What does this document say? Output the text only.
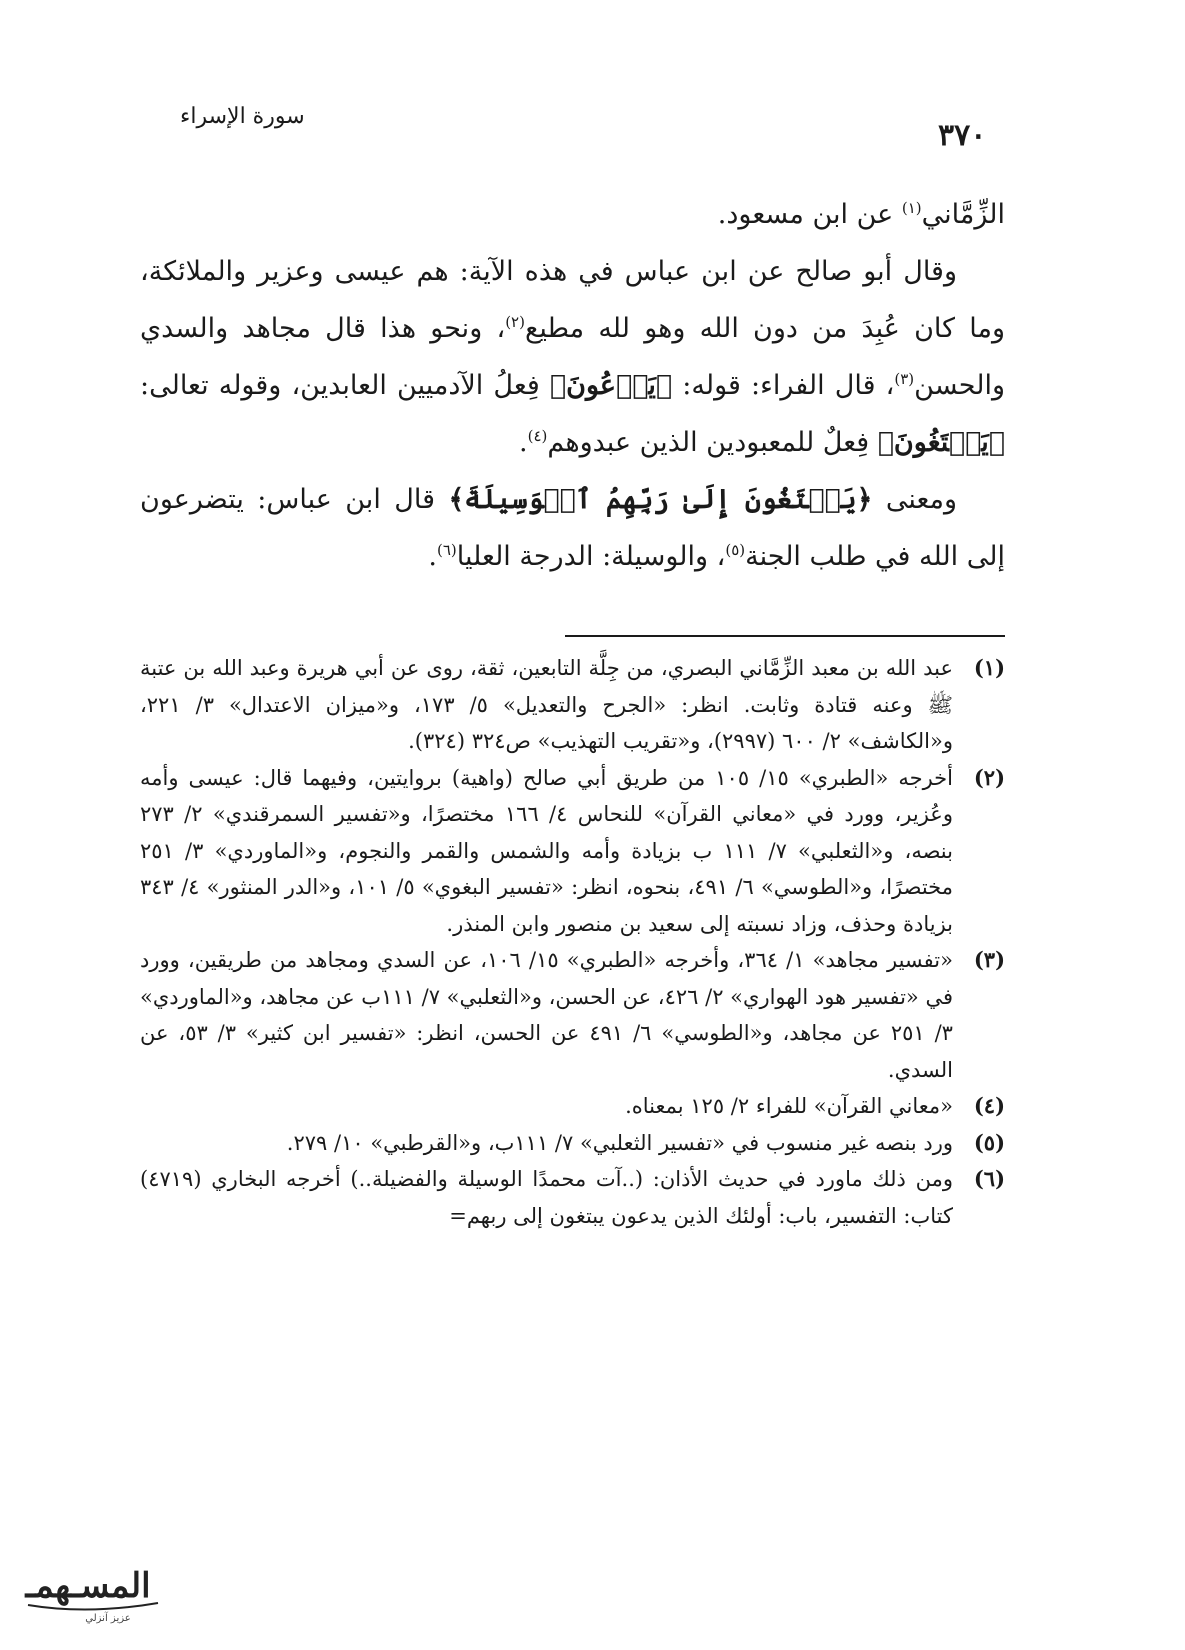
سورة الإسراء
٣٧٠

الزِّمَّاني$^{(١)}$ عن ابن مسعود.

وقال أبو صالح عن ابن عباس في هذه الآية: هم عيسى وعزير والملائكة، وما كان عُبِدَ من دون الله وهو لله مطيع$^{(٢)}$، ونحو هذا قال مجاهد والسدي والحسن$^{(٣)}$، قال الفراء: قوله: ﴿يَدۡعُونَ﴾ فِعلُ الآدميين العابدين، وقوله تعالى: ﴿يَبۡتَغُونَ﴾ فِعلٌ للمعبودين الذين عبدوهم$^{(٤)}$.

ومعنى ﴿يَبۡتَغُونَ إِلَىٰ رَبِّهِمُ ٱلۡوَسِيلَةَ﴾ قال ابن عباس: يتضرعون إلى الله في طلب الجنة$^{(٥)}$، والوسيلة: الدرجة العليا$^{(٦)}$.

(١)
عبد الله بن معبد الزِّمَّاني البصري، من جِلَّة التابعين، ثقة، روى عن أبي هريرة وعبد الله بن عتبة ﷺ وعنه قتادة وثابت. انظر: «الجرح والتعديل» ٥/ ١٧٣، و«ميزان الاعتدال» ٣/ ٢٢١، و«الكاشف» ٢/ ٦٠٠ (٢٩٩٧)، و«تقريب التهذيب» ص٣٢٤ (٣٢٤).
(٢)
أخرجه «الطبري» ١٥/ ١٠٥ من طريق أبي صالح (واهية) بروايتين، وفيهما قال: عيسى وأمه وعُزير، وورد في «معاني القرآن» للنحاس ٤/ ١٦٦ مختصرًا، و«تفسير السمرقندي» ٢/ ٢٧٣ بنصه، و«الثعلبي» ٧/ ١١١ ب بزيادة وأمه والشمس والقمر والنجوم، و«الماوردي» ٣/ ٢٥١ مختصرًا، و«الطوسي» ٦/ ٤٩١، بنحوه، انظر: «تفسير البغوي» ٥/ ١٠١، و«الدر المنثور» ٤/ ٣٤٣ بزيادة وحذف، وزاد نسبته إلى سعيد بن منصور وابن المنذر.
(٣)
«تفسير مجاهد» ١/ ٣٦٤، وأخرجه «الطبري» ١٥/ ١٠٦، عن السدي ومجاهد من طريقين، وورد في «تفسير هود الهواري» ٢/ ٤٢٦، عن الحسن، و«الثعلبي» ٧/ ١١١ب عن مجاهد، و«الماوردي» ٣/ ٢٥١ عن مجاهد، و«الطوسي» ٦/ ٤٩١ عن الحسن، انظر: «تفسير ابن كثير» ٣/ ٥٣، عن السدي.
(٤)
«معاني القرآن» للفراء ٢/ ١٢٥ بمعناه.
(٥)
ورد بنصه غير منسوب في «تفسير الثعلبي» ٧/ ١١١ب، و«القرطبي» ١٠/ ٢٧٩.
(٦)
ومن ذلك ماورد في حديث الأذان: (..آت محمدًا الوسيلة والفضيلة..) أخرجه البخاري (٤٧١٩) كتاب: التفسير، باب: أولئك الذين يدعون يبتغون إلى ربهم=
المسـهمـ
عزيز آنزلي
